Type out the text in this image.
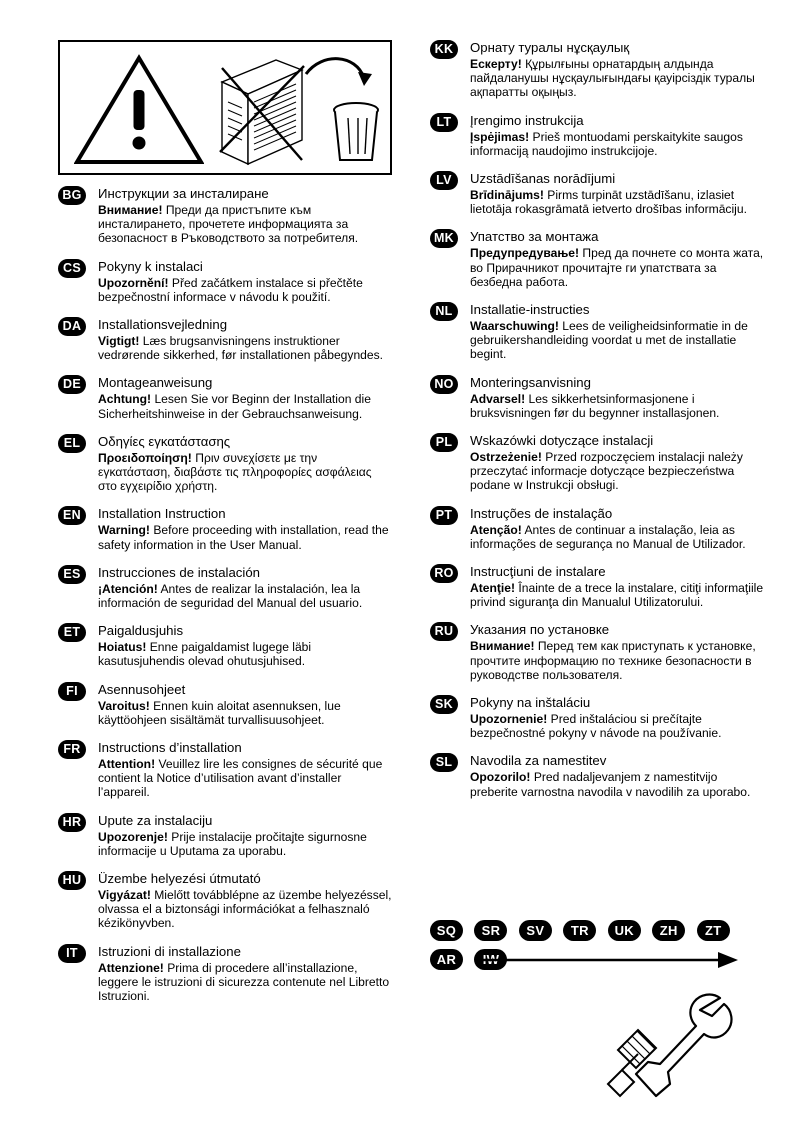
BG	Инструкции за инсталиране

Внимание! Преди да пристъпите към инсталирането, прочетете информацията за безопасност в Ръководството за потребителя.

CS	Pokyny k instalaci

Upozornění! Před začátkem instalace si přečtěte bezpečnostní informace v návodu k použití.

DA	Installationsvejledning

Vigtigt! Læs brugsanvisningens instruktioner vedrørende sikkerhed, før installationen påbegyndes.

DE	Montageanweisung

Achtung! Lesen Sie vor Beginn der Installation die Sicherheitshinweise in der Gebrauchsanweisung.

EL	Οδηγίες εγκατάστασης

Προειδοποίηση! Πριν συνεχίσετε με την εγκατάσταση, διαβάστε τις πληροφορίες ασφάλειας στο εγχειρίδιο χρήστη.

EN	Installation Instruction

Warning! Before proceeding with installation, read the safety information in the User Manual.

ES	Instrucciones de instalación

¡Atención! Antes de realizar la instalación, lea la información de seguridad del Manual del usuario.

ET	Paigaldusjuhis

Hoiatus! Enne paigaldamist lugege läbi kasutusjuhendis olevad ohutusjuhised.

FI	Asennusohjeet

Varoitus! Ennen kuin aloitat asennuksen, lue käyttöohjeen sisältämät turvallisuusohjeet.

FR	Instructions d’installation

Attention! Veuillez lire les consignes de sécurité que contient la Notice d’utilisation avant d’installer l’appareil.

HR	Upute za instalaciju

Upozorenje! Prije instalacije pročitajte sigurnosne informacije u Uputama za uporabu.

HU	Üzembe helyezési útmutató

Vigyázat! Mielőtt továbblépne az üzembe helyezéssel, olvassa el a biztonsági információkat a felhasznaló kézikönyvben.

IT	Istruzioni di installazione

Attenzione! Prima di procedere all’installazione, leggere le istruzioni di sicurezza contenute nel Libretto Istruzioni.

KK	Орнату туралы нұсқаулық

Ескерту! Құрылғыны орнатардың алдында пайдаланушы нұсқаулығындағы қауipсiздiк туралы ақпаратты оқыңыз.

LT	Įrengimo instrukcija

Įspėjimas! Prieš montuodami perskaitykite saugos informaciją naudojimo instrukcijoje.

LV	Uzstādīšanas norādījumi

Brīdinājums! Pirms turpināt uzstādīšanu, izlasiet lietotāja rokasgrāmatā ietverto drošības informāciju.

MK	Упатство за монтажа

Предупредување! Пред да почнете со монта жата, во Прирачникот прочитајте ги упатствата за безбедна работа.

NL	Installatie-instructies

Waarschuwing! Lees de veiligheidsinformatie in de gebruikershandleiding voordat u met de installatie begint.

NO	Monteringsanvisning

Advarsel! Les sikkerhetsinformasjonene i bruksvisningen før du begynner installasjonen.

PL	Wskazówki dotyczące instalacji

Ostrzeżenie! Przed rozpoczęciem instalacji należy przeczytać informacje dotyczące bezpieczeństwa podane w Instrukcji obsługi.

PT	Instruções de instalação

Atenção! Antes de continuar a instalação, leia as informações de segurança no Manual de Utilizador.

RO	Instrucţiuni de instalare

Atenţie! Înainte de a trece la instalare, citiţi informaţiile privind siguranţa din Manualul Utilizatorului.

RU	Указания по установке

Внимание! Перед тем как приступать к установке, прочтите информацию по технике безопасности в руководстве пользователя.

SK	Pokyny na inštaláciu

Upozornenie! Pred inštaláciou si prečítajte bezpečnostné pokyny v návode na používanie.

SL	Navodila za namestitev

Opozorilo! Pred nadaljevanjem z namestitvijo preberite varnostna navodila v navodilih za uporabo.

SQ SR SV TR UK ZH ZT AR IW
